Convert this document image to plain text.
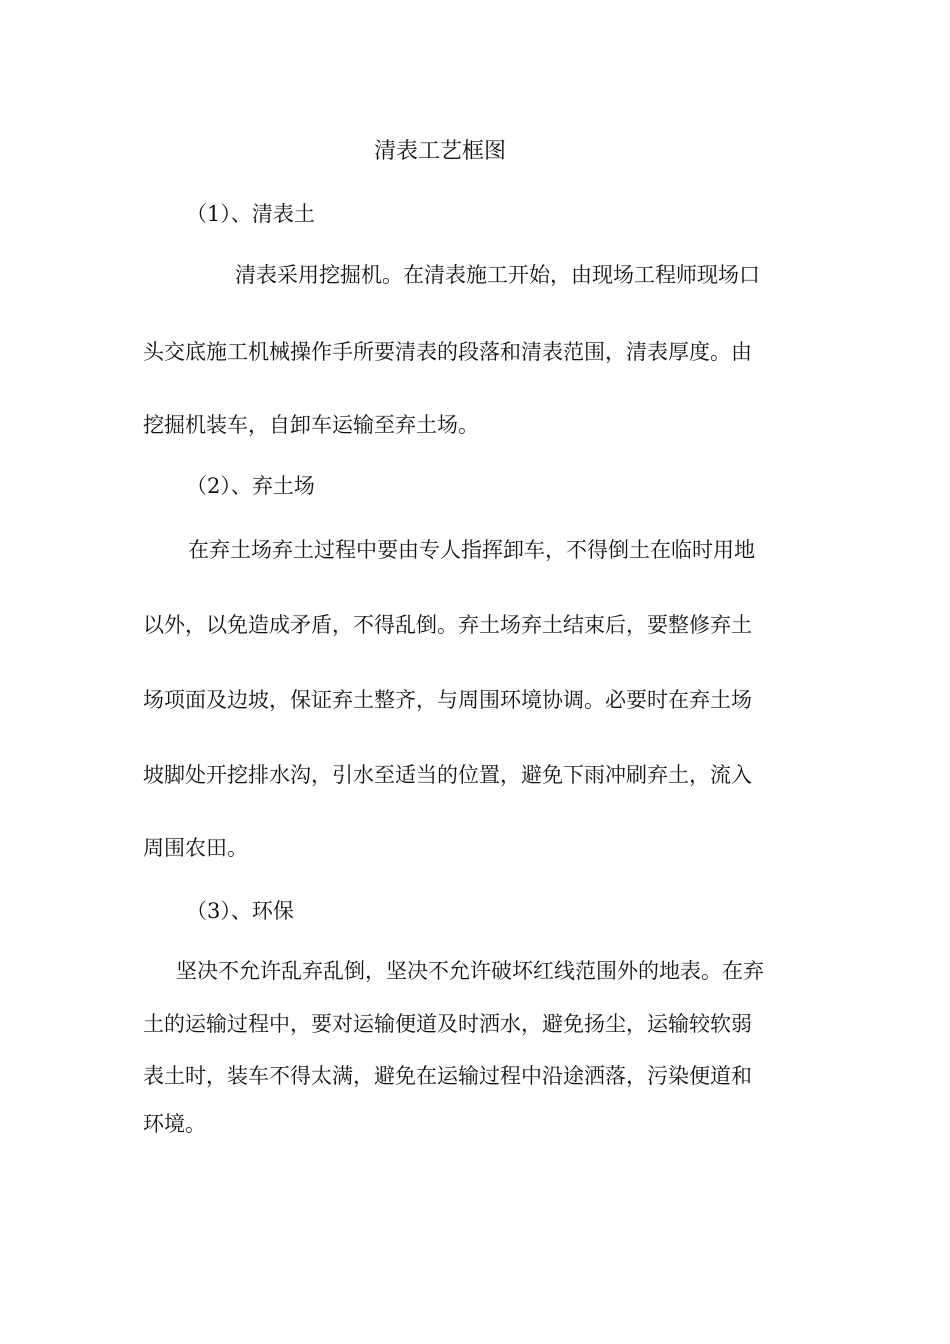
清表工艺框图

（1）、清表土

清表采用挖掘机。在清表施工开始，由现场工程师现场口

头交底施工机械操作手所要清表的段落和清表范围，清表厚度。由

挖掘机装车，自卸车运输至弃土场。

（2）、弃土场

在弃土场弃土过程中要由专人指挥卸车，不得倒土在临时用地

以外，以免造成矛盾，不得乱倒。弃土场弃土结束后，要整修弃土

场项面及边坡，保证弃土整齐，与周围环境协调。必要时在弃土场

坡脚处开挖排水沟，引水至适当的位置，避免下雨冲刷弃土，流入

周围农田。

（3）、环保

坚决不允许乱弃乱倒，坚决不允许破坏红线范围外的地表。在弃

土的运输过程中，要对运输便道及时洒水，避免扬尘，运输较软弱

表土时，装车不得太满，避免在运输过程中沿途洒落，污染便道和

环境。
